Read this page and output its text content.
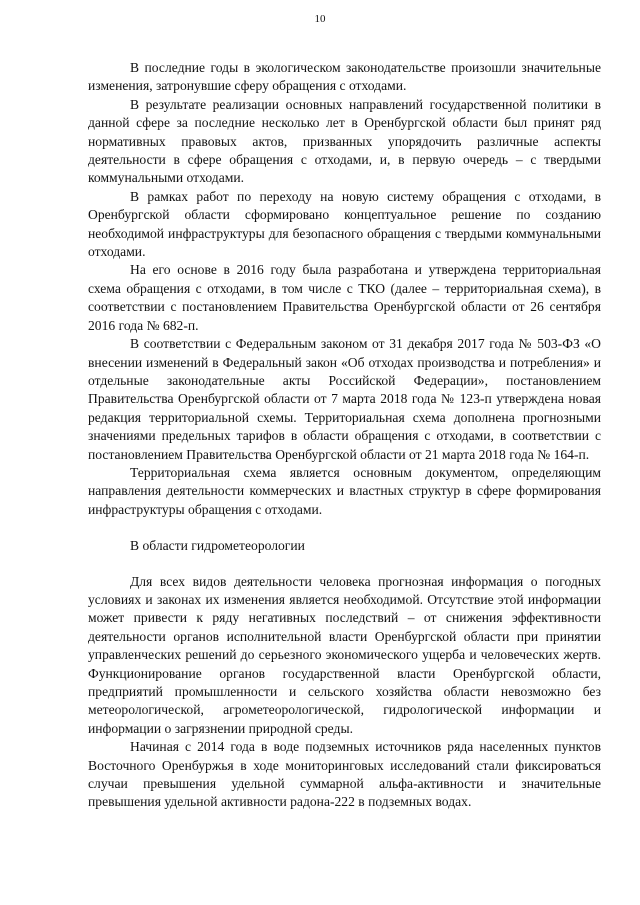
10

В последние годы в экологическом законодательстве произошли значительные изменения, затронувшие сферу обращения с отходами.

В результате реализации основных направлений государственной политики в данной сфере за последние несколько лет в Оренбургской области был принят ряд нормативных правовых актов, призванных упорядочить различные аспекты деятельности в сфере обращения с отходами, и, в первую очередь – с твердыми коммунальными отходами.

В рамках работ по переходу на новую систему обращения с отходами, в Оренбургской области сформировано концептуальное решение по созданию необходимой инфраструктуры для безопасного обращения с твердыми коммунальными отходами.

На его основе в 2016 году была разработана и утверждена территориальная схема обращения с отходами, в том числе с ТКО (далее – территориальная схема), в соответствии с постановлением Правительства Оренбургской области от 26 сентября 2016 года № 682-п.

В соответствии с Федеральным законом от 31 декабря 2017 года № 503-ФЗ «О внесении изменений в Федеральный закон «Об отходах производства и потребления» и отдельные законодательные акты Российской Федерации», постановлением Правительства Оренбургской области от 7 марта 2018 года № 123-п утверждена новая редакция территориальной схемы. Территориальная схема дополнена прогнозными значениями предельных тарифов в области обращения с отходами, в соответствии с постановлением Правительства Оренбургской области от 21 марта 2018 года № 164-п.

Территориальная схема является основным документом, определяющим направления деятельности коммерческих и властных структур в сфере формирования инфраструктуры обращения с отходами.

В области гидрометеорологии

Для всех видов деятельности человека прогнозная информация о погодных условиях и законах их изменения является необходимой. Отсутствие этой информации может привести к ряду негативных последствий – от снижения эффективности деятельности органов исполнительной власти Оренбургской области при принятии управленческих решений до серьезного экономического ущерба и человеческих жертв. Функционирование органов государственной власти Оренбургской области, предприятий промышленности и сельского хозяйства области невозможно без метеорологической, агрометеорологической, гидрологической информации и информации о загрязнении природной среды.

Начиная с 2014 года в воде подземных источников ряда населенных пунктов Восточного Оренбуржья в ходе мониторинговых исследований стали фиксироваться случаи превышения удельной суммарной альфа-активности и значительные превышения удельной активности радона-222 в подземных водах.
